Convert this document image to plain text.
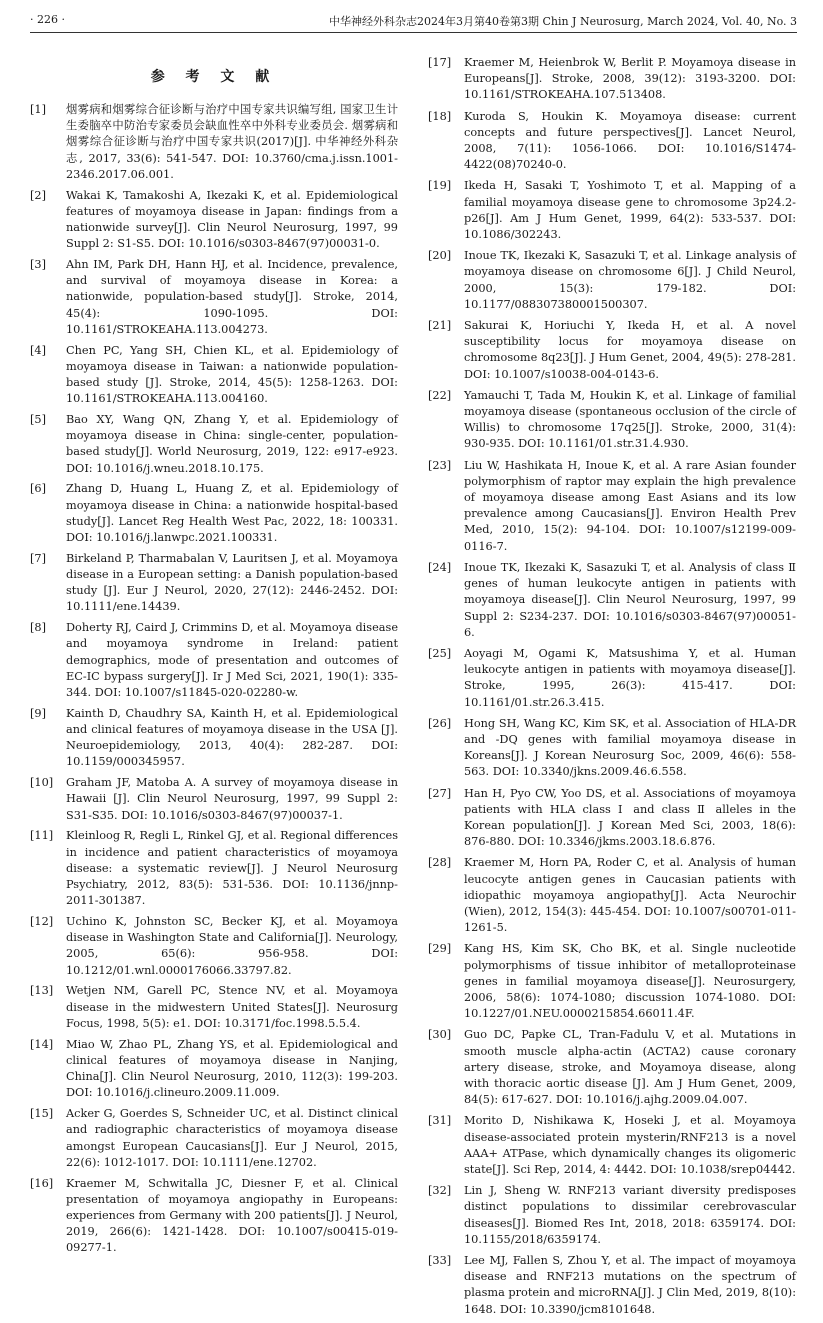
· 226 ·	中华神经外科杂志2024年3月第40卷第3期 Chin J Neurosurg, March 2024, Vol. 40, No. 3
参 考 文 献
[1]	烟雾病和烟雾综合征诊断与治疗中国专家共识编写组, 国家卫生计生委脑卒中防治专家委员会缺血性卒中外科专业委员会. 烟雾病和烟雾综合征诊断与治疗中国专家共识(2017)[J]. 中华神经外科杂志, 2017, 33(6): 541-547. DOI: 10.3760/cma.j.issn.1001-2346.2017.06.001.
[2]	Wakai K, Tamakoshi A, Ikezaki K, et al. Epidemiological features of moyamoya disease in Japan: findings from a nationwide survey[J]. Clin Neurol Neurosurg, 1997, 99 Suppl 2: S1-S5. DOI: 10.1016/s0303-8467(97)00031-0.
[3]	Ahn IM, Park DH, Hann HJ, et al. Incidence, prevalence, and survival of moyamoya disease in Korea: a nationwide, population-based study[J]. Stroke, 2014, 45(4): 1090-1095. DOI: 10.1161/STROKEAHA.113.004273.
[4]	Chen PC, Yang SH, Chien KL, et al. Epidemiology of moyamoya disease in Taiwan: a nationwide population-based study [J]. Stroke, 2014, 45(5): 1258-1263. DOI: 10.1161/STROKEAHA.113.004160.
[5]	Bao XY, Wang QN, Zhang Y, et al. Epidemiology of moyamoya disease in China: single-center, population-based study[J]. World Neurosurg, 2019, 122: e917-e923. DOI: 10.1016/j.wneu.2018.10.175.
[6]	Zhang D, Huang L, Huang Z, et al. Epidemiology of moyamoya disease in China: a nationwide hospital-based study[J]. Lancet Reg Health West Pac, 2022, 18: 100331. DOI: 10.1016/j.lanwpc.2021.100331.
[7]	Birkeland P, Tharmabalan V, Lauritsen J, et al. Moyamoya disease in a European setting: a Danish population-based study [J]. Eur J Neurol, 2020, 27(12): 2446-2452. DOI: 10.1111/ene.14439.
[8]	Doherty RJ, Caird J, Crimmins D, et al. Moyamoya disease and moyamoya syndrome in Ireland: patient demographics, mode of presentation and outcomes of EC-IC bypass surgery[J]. Ir J Med Sci, 2021, 190(1): 335-344. DOI: 10.1007/s11845-020-02280-w.
[9]	Kainth D, Chaudhry SA, Kainth H, et al. Epidemiological and clinical features of moyamoya disease in the USA [J]. Neuroepidemiology, 2013, 40(4): 282-287. DOI: 10.1159/000345957.
[10]	Graham JF, Matoba A. A survey of moyamoya disease in Hawaii [J]. Clin Neurol Neurosurg, 1997, 99 Suppl 2: S31-S35. DOI: 10.1016/s0303-8467(97)00037-1.
[11]	Kleinloog R, Regli L, Rinkel GJ, et al. Regional differences in incidence and patient characteristics of moyamoya disease: a systematic review[J]. J Neurol Neurosurg Psychiatry, 2012, 83(5): 531-536. DOI: 10.1136/jnnp-2011-301387.
[12]	Uchino K, Johnston SC, Becker KJ, et al. Moyamoya disease in Washington State and California[J]. Neurology, 2005, 65(6): 956-958. DOI: 10.1212/01.wnl.0000176066.33797.82.
[13]	Wetjen NM, Garell PC, Stence NV, et al. Moyamoya disease in the midwestern United States[J]. Neurosurg Focus, 1998, 5(5): e1. DOI: 10.3171/foc.1998.5.5.4.
[14]	Miao W, Zhao PL, Zhang YS, et al. Epidemiological and clinical features of moyamoya disease in Nanjing, China[J]. Clin Neurol Neurosurg, 2010, 112(3): 199-203. DOI: 10.1016/j.clineuro.2009.11.009.
[15]	Acker G, Goerdes S, Schneider UC, et al. Distinct clinical and radiographic characteristics of moyamoya disease amongst European Caucasians[J]. Eur J Neurol, 2015, 22(6): 1012-1017. DOI: 10.1111/ene.12702.
[16]	Kraemer M, Schwitalla JC, Diesner F, et al. Clinical presentation of moyamoya angiopathy in Europeans: experiences from Germany with 200 patients[J]. J Neurol, 2019, 266(6): 1421-1428. DOI: 10.1007/s00415-019-09277-1.
[17]	Kraemer M, Heienbrok W, Berlit P. Moyamoya disease in Europeans[J]. Stroke, 2008, 39(12): 3193-3200. DOI: 10.1161/STROKEAHA.107.513408.
[18]	Kuroda S, Houkin K. Moyamoya disease: current concepts and future perspectives[J]. Lancet Neurol, 2008, 7(11): 1056-1066. DOI: 10.1016/S1474-4422(08)70240-0.
[19]	Ikeda H, Sasaki T, Yoshimoto T, et al. Mapping of a familial moyamoya disease gene to chromosome 3p24.2-p26[J]. Am J Hum Genet, 1999, 64(2): 533-537. DOI: 10.1086/302243.
[20]	Inoue TK, Ikezaki K, Sasazuki T, et al. Linkage analysis of moyamoya disease on chromosome 6[J]. J Child Neurol, 2000, 15(3): 179-182. DOI: 10.1177/088307380001500307.
[21]	Sakurai K, Horiuchi Y, Ikeda H, et al. A novel susceptibility locus for moyamoya disease on chromosome 8q23[J]. J Hum Genet, 2004, 49(5): 278-281. DOI: 10.1007/s10038-004-0143-6.
[22]	Yamauchi T, Tada M, Houkin K, et al. Linkage of familial moyamoya disease (spontaneous occlusion of the circle of Willis) to chromosome 17q25[J]. Stroke, 2000, 31(4): 930-935. DOI: 10.1161/01.str.31.4.930.
[23]	Liu W, Hashikata H, Inoue K, et al. A rare Asian founder polymorphism of raptor may explain the high prevalence of moyamoya disease among East Asians and its low prevalence among Caucasians[J]. Environ Health Prev Med, 2010, 15(2): 94-104. DOI: 10.1007/s12199-009-0116-7.
[24]	Inoue TK, Ikezaki K, Sasazuki T, et al. Analysis of class Ⅱ genes of human leukocyte antigen in patients with moyamoya disease[J]. Clin Neurol Neurosurg, 1997, 99 Suppl 2: S234-237. DOI: 10.1016/s0303-8467(97)00051-6.
[25]	Aoyagi M, Ogami K, Matsushima Y, et al. Human leukocyte antigen in patients with moyamoya disease[J]. Stroke, 1995, 26(3): 415-417. DOI: 10.1161/01.str.26.3.415.
[26]	Hong SH, Wang KC, Kim SK, et al. Association of HLA-DR and -DQ genes with familial moyamoya disease in Koreans[J]. J Korean Neurosurg Soc, 2009, 46(6): 558-563. DOI: 10.3340/jkns.2009.46.6.558.
[27]	Han H, Pyo CW, Yoo DS, et al. Associations of moyamoya patients with HLA class Ⅰ and class Ⅱ alleles in the Korean population[J]. J Korean Med Sci, 2003, 18(6): 876-880. DOI: 10.3346/jkms.2003.18.6.876.
[28]	Kraemer M, Horn PA, Roder C, et al. Analysis of human leucocyte antigen genes in Caucasian patients with idiopathic moyamoya angiopathy[J]. Acta Neurochir (Wien), 2012, 154(3): 445-454. DOI: 10.1007/s00701-011-1261-5.
[29]	Kang HS, Kim SK, Cho BK, et al. Single nucleotide polymorphisms of tissue inhibitor of metalloproteinase genes in familial moyamoya disease[J]. Neurosurgery, 2006, 58(6): 1074-1080; discussion 1074-1080. DOI: 10.1227/01.NEU.0000215854.66011.4F.
[30]	Guo DC, Papke CL, Tran-Fadulu V, et al. Mutations in smooth muscle alpha-actin (ACTA2) cause coronary artery disease, stroke, and Moyamoya disease, along with thoracic aortic disease [J]. Am J Hum Genet, 2009, 84(5): 617-627. DOI: 10.1016/j.ajhg.2009.04.007.
[31]	Morito D, Nishikawa K, Hoseki J, et al. Moyamoya disease-associated protein mysterin/RNF213 is a novel AAA+ ATPase, which dynamically changes its oligomeric state[J]. Sci Rep, 2014, 4: 4442. DOI: 10.1038/srep04442.
[32]	Lin J, Sheng W. RNF213 variant diversity predisposes distinct populations to dissimilar cerebrovascular diseases[J]. Biomed Res Int, 2018, 2018: 6359174. DOI: 10.1155/2018/6359174.
[33]	Lee MJ, Fallen S, Zhou Y, et al. The impact of moyamoya disease and RNF213 mutations on the spectrum of plasma protein and microRNA[J]. J Clin Med, 2019, 8(10): 1648. DOI: 10.3390/jcm8101648.
